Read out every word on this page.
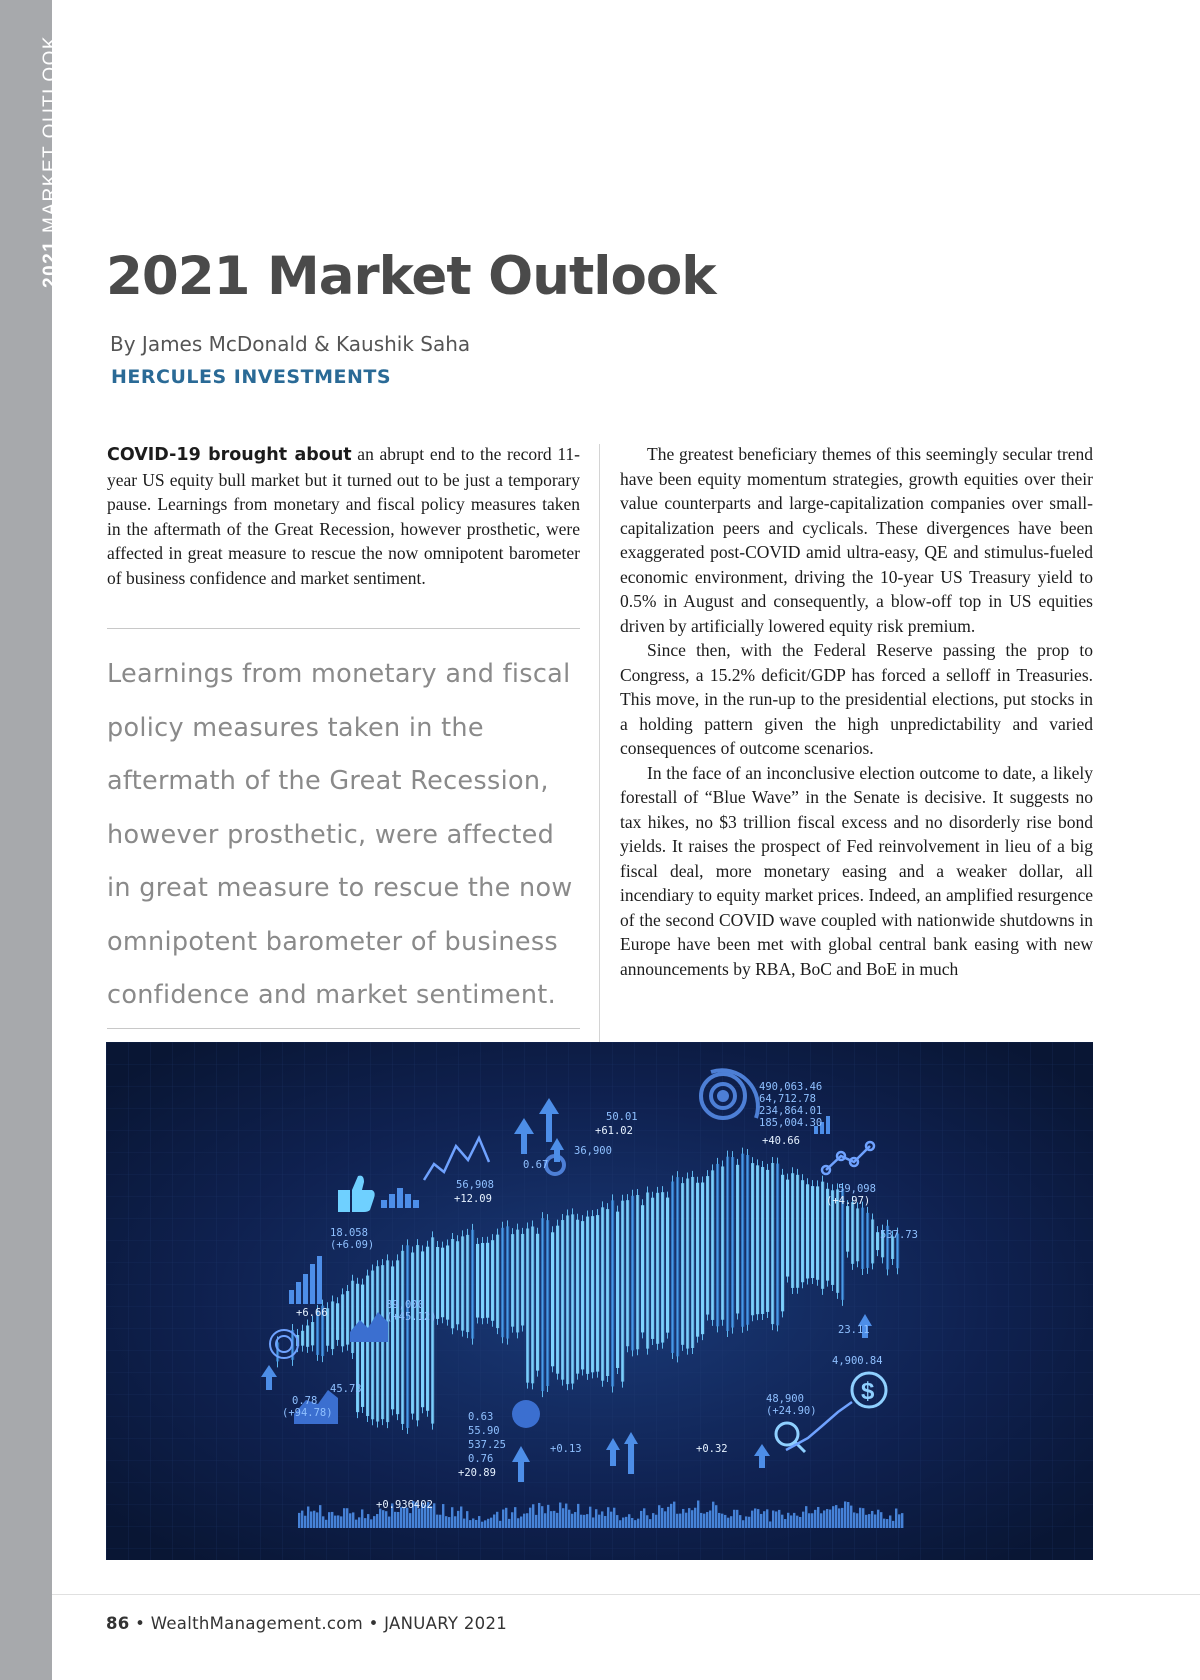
2021 MARKET OUTLOOK
2021 Market Outlook
By James McDonald & Kaushik Saha
HERCULES INVESTMENTS

COVID-19 brought about an abrupt end to the record 11-year US equity bull market but it turned out to be just a temporary pause. Learnings from monetary and fiscal policy measures taken in the aftermath of the Great Recession, however prosthetic, were affected in great measure to rescue the now omnipotent barometer of business confidence and market sentiment.

Learnings from monetary and fiscal policy measures taken in the aftermath of the Great Recession, however prosthetic, were affected in great measure to rescue the now omnipotent barometer of business confidence and market sentiment.

The greatest beneficiary themes of this seemingly secular trend have been equity momentum strategies, growth equities over their value counterparts and large-capitalization companies over small-capitalization peers and cyclicals. These divergences have been exaggerated post-COVID amid ultra-easy, QE and stimulus-fueled economic environment, driving the 10-year US Treasury yield to 0.5% in August and consequently, a blow-off top in US equities driven by artificially lowered equity risk premium.

Since then, with the Federal Reserve passing the prop to Congress, a 15.2% deficit/GDP has forced a selloff in Treasuries. This move, in the run-up to the presidential elections, put stocks in a holding pattern given the high unpredictability and varied consequences of outcome scenarios.

In the face of an inconclusive election outcome to date, a likely forestall of “Blue Wave” in the Senate is decisive. It suggests no tax hikes, no $3 trillion fiscal excess and no disorderly rise bond yields. It raises the prospect of Fed reinvolvement in lieu of a big fiscal deal, more monetary easing and a weaker dollar, all incendiary to equity market prices. Indeed, an amplified resurgence of the second COVID wave coupled with nationwide shutdowns in Europe have been met with global central bank easing with new announcements by RBA, BoC and BoE in much

$
490,063.46
64,712.78
234,864.01
185,004.30
+40.66
50.01
+61.02
36,900
0.67
56,908
+12.09
18.058
(+6.09)
+6.66
89,000
(+45.12)
59,098
(+4.97)
537.73
23.11
4,900.84
0.78
(+94.78)
45.73
0.63
55.90
537.25
0.76
+20.89
+0.13
48,900
(+24.90)
+0.32
+0.936402
86 • WealthManagement.com • JANUARY 2021
